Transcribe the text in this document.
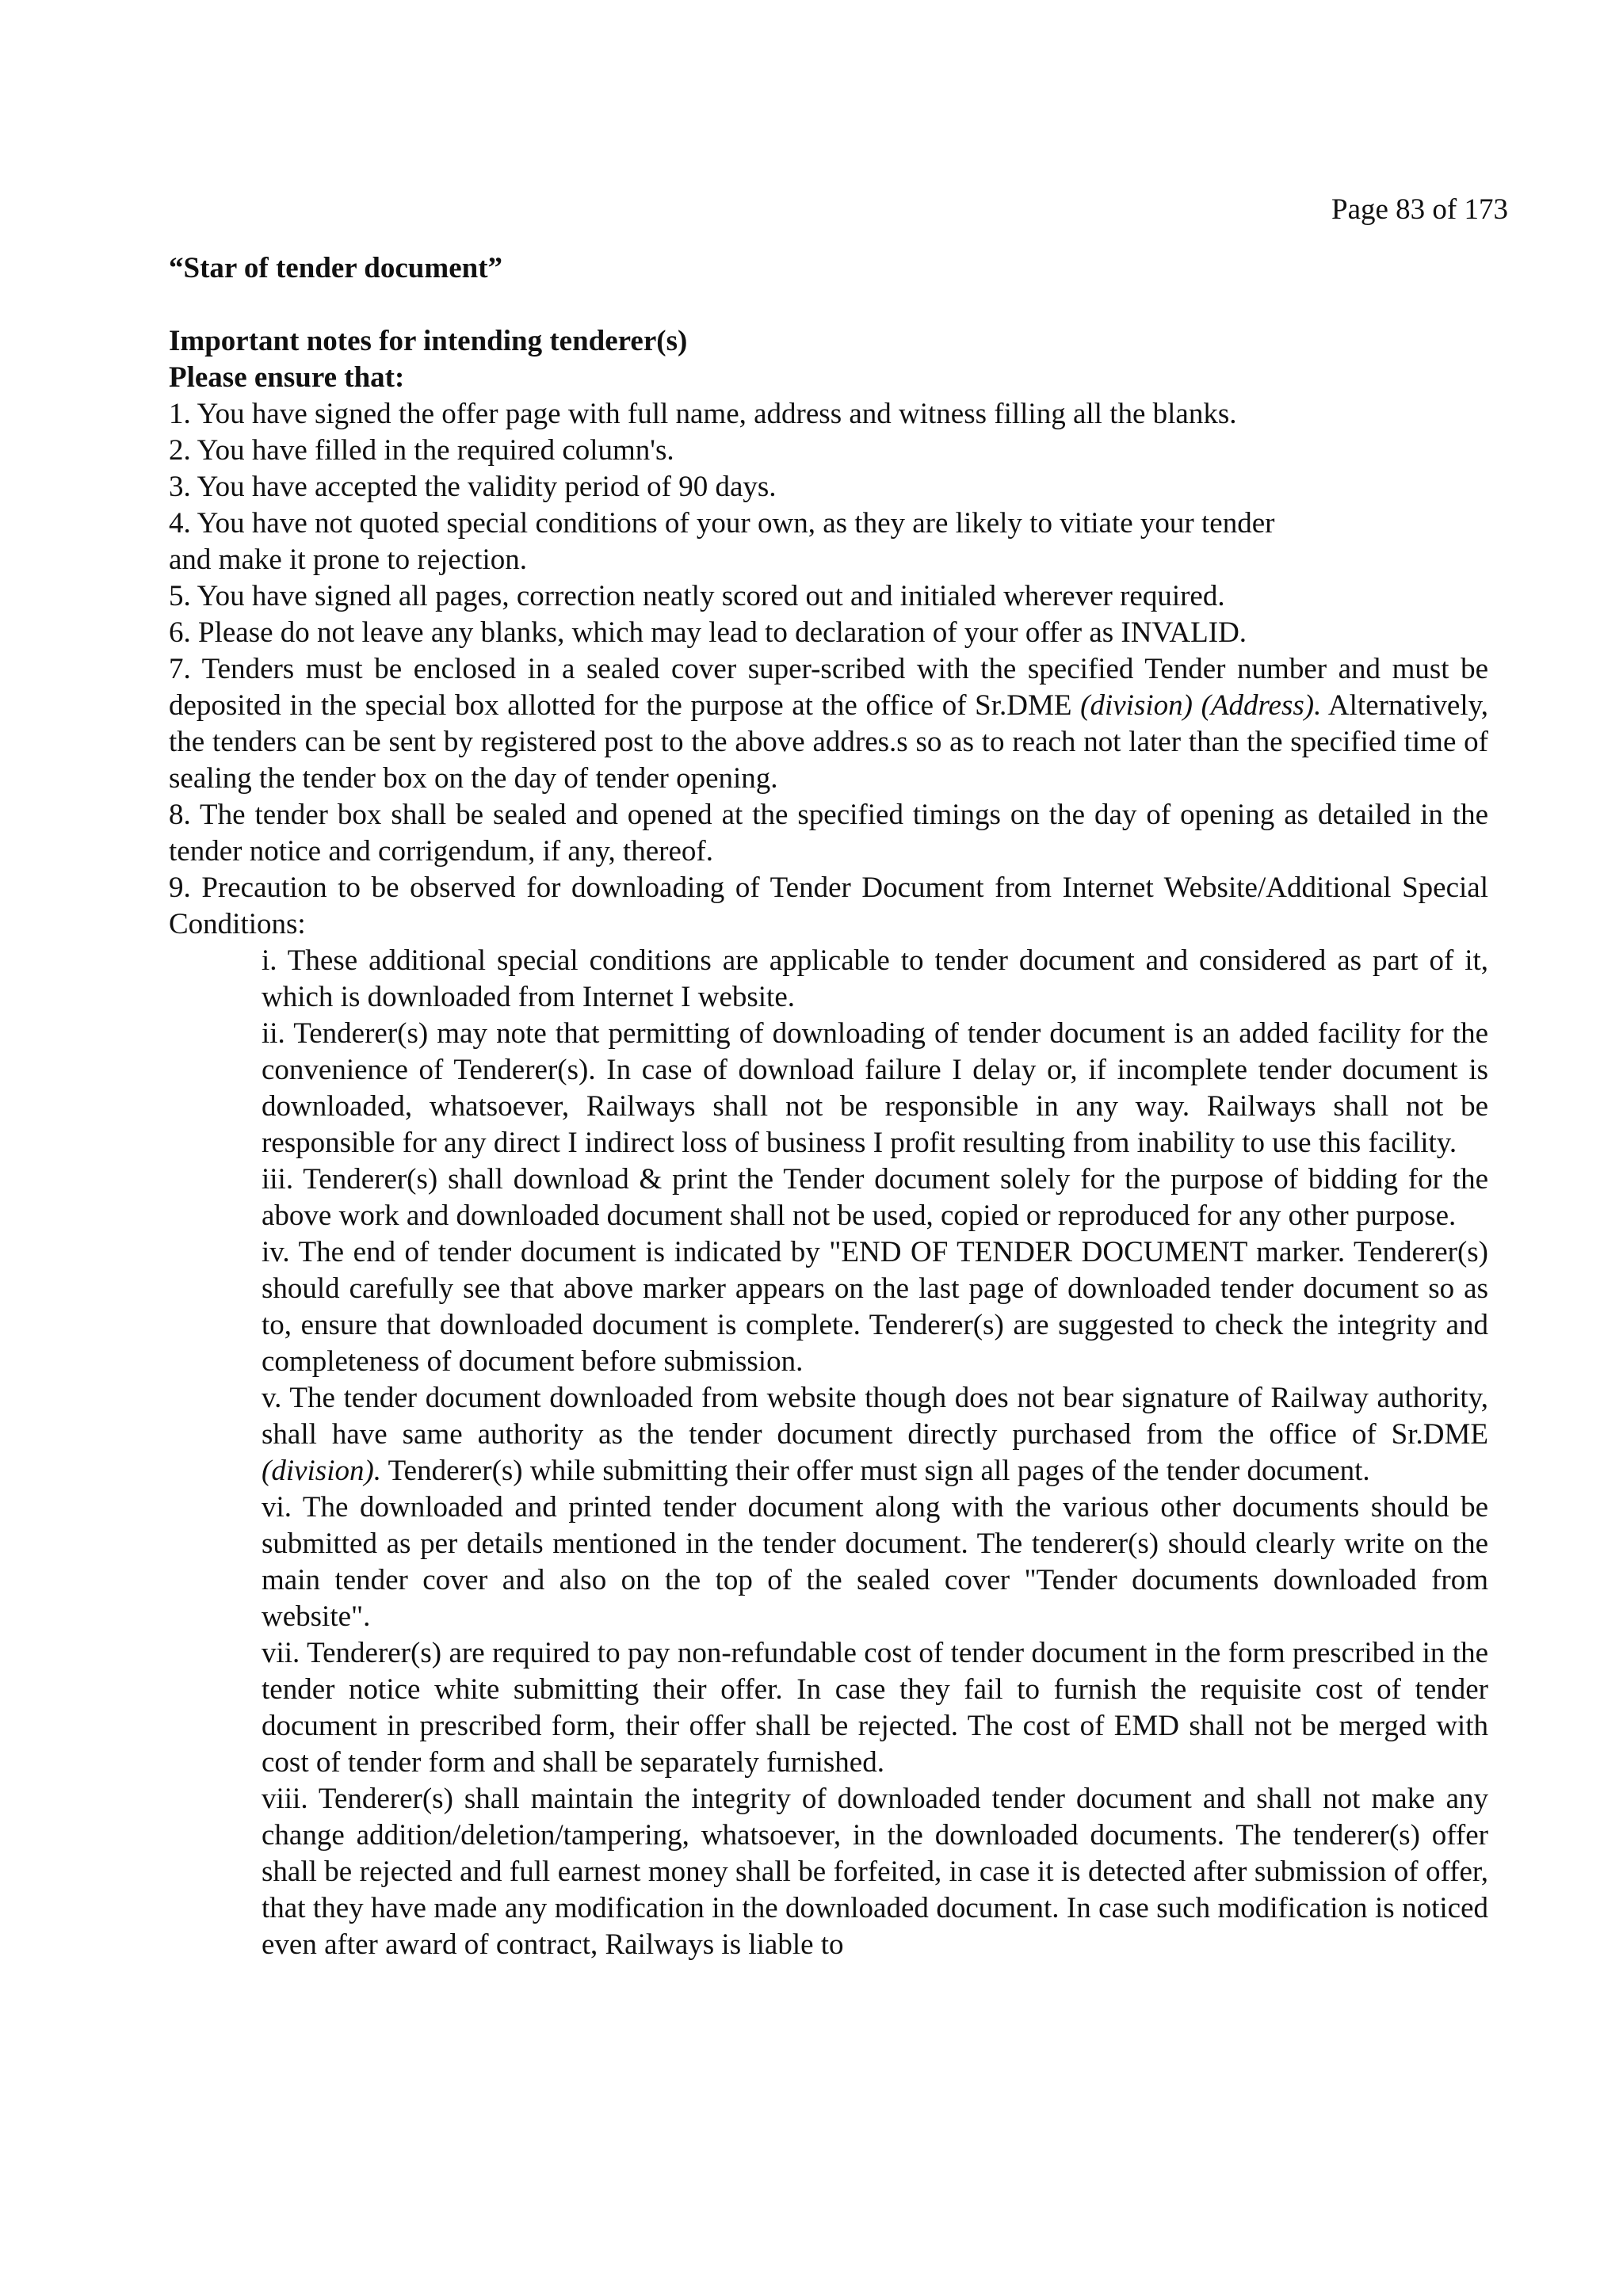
Page 83 of 173

“Star of tender document”

Important notes for intending tenderer(s)

Please ensure that:

1. You have signed the offer page with full name, address and witness filling all the blanks.

2. You have filled in the required column's.

3. You have accepted the validity period of 90 days.

4. You have not quoted special conditions of your own, as they are likely to vitiate your tender and make it prone to rejection.

5. You have signed all pages, correction neatly scored out and initialed wherever required.

6. Please do not leave any blanks, which may lead to declaration of your offer as INVALID.

7. Tenders must be enclosed in a sealed cover super-scribed with the specified Tender number and must be deposited in the special box allotted for the purpose at the office of Sr.DME (division) (Address). Alternatively, the tenders can be sent by registered post to the above addres.s so as to reach not later than the specified time of sealing the tender box on the day of tender opening.

8. The tender box shall be sealed and opened at the specified timings on the day of opening as detailed in the tender notice and corrigendum, if any, thereof.

9. Precaution to be observed for downloading of Tender Document from Internet Website/Additional Special Conditions:

i. These additional special conditions are applicable to tender document and considered as part of it, which is downloaded from Internet I website.

ii. Tenderer(s) may note that permitting of downloading of tender document is an added facility for the convenience of Tenderer(s). In case of download failure I delay or, if incomplete tender document is downloaded, whatsoever, Railways shall not be responsible in any way. Railways shall not be responsible for any direct I indirect loss of business I profit resulting from inability to use this facility.

iii. Tenderer(s) shall download & print the Tender document solely for the purpose of bidding for the above work and downloaded document shall not be used, copied or reproduced for any other purpose.

iv. The end of tender document is indicated by "END OF TENDER DOCUMENT marker. Tenderer(s) should carefully see that above marker appears on the last page of downloaded tender document so as to, ensure that downloaded document is complete. Tenderer(s) are suggested to check the integrity and completeness of document before submission.

v. The tender document downloaded from website though does not bear signature of Railway authority, shall have same authority as the tender document directly purchased from the office of Sr.DME (division). Tenderer(s) while submitting their offer must sign all pages of the tender document.

vi. The downloaded and printed tender document along with the various other documents should be submitted as per details mentioned in the tender document. The tenderer(s) should clearly write on the main tender cover and also on the top of the sealed cover "Tender documents downloaded from website".

vii. Tenderer(s) are required to pay non-refundable cost of tender document in the form prescribed in the tender notice white submitting their offer. In case they fail to furnish the requisite cost of tender document in prescribed form, their offer shall be rejected. The cost of EMD shall not be merged with cost of tender form and shall be separately furnished.

viii. Tenderer(s) shall maintain the integrity of downloaded tender document and shall not make any change addition/deletion/tampering, whatsoever, in the downloaded documents. The tenderer(s) offer shall be rejected and full earnest money shall be forfeited, in case it is detected after submission of offer, that they have made any modification in the downloaded document. In case such modification is noticed even after award of contract, Railways is liable to
